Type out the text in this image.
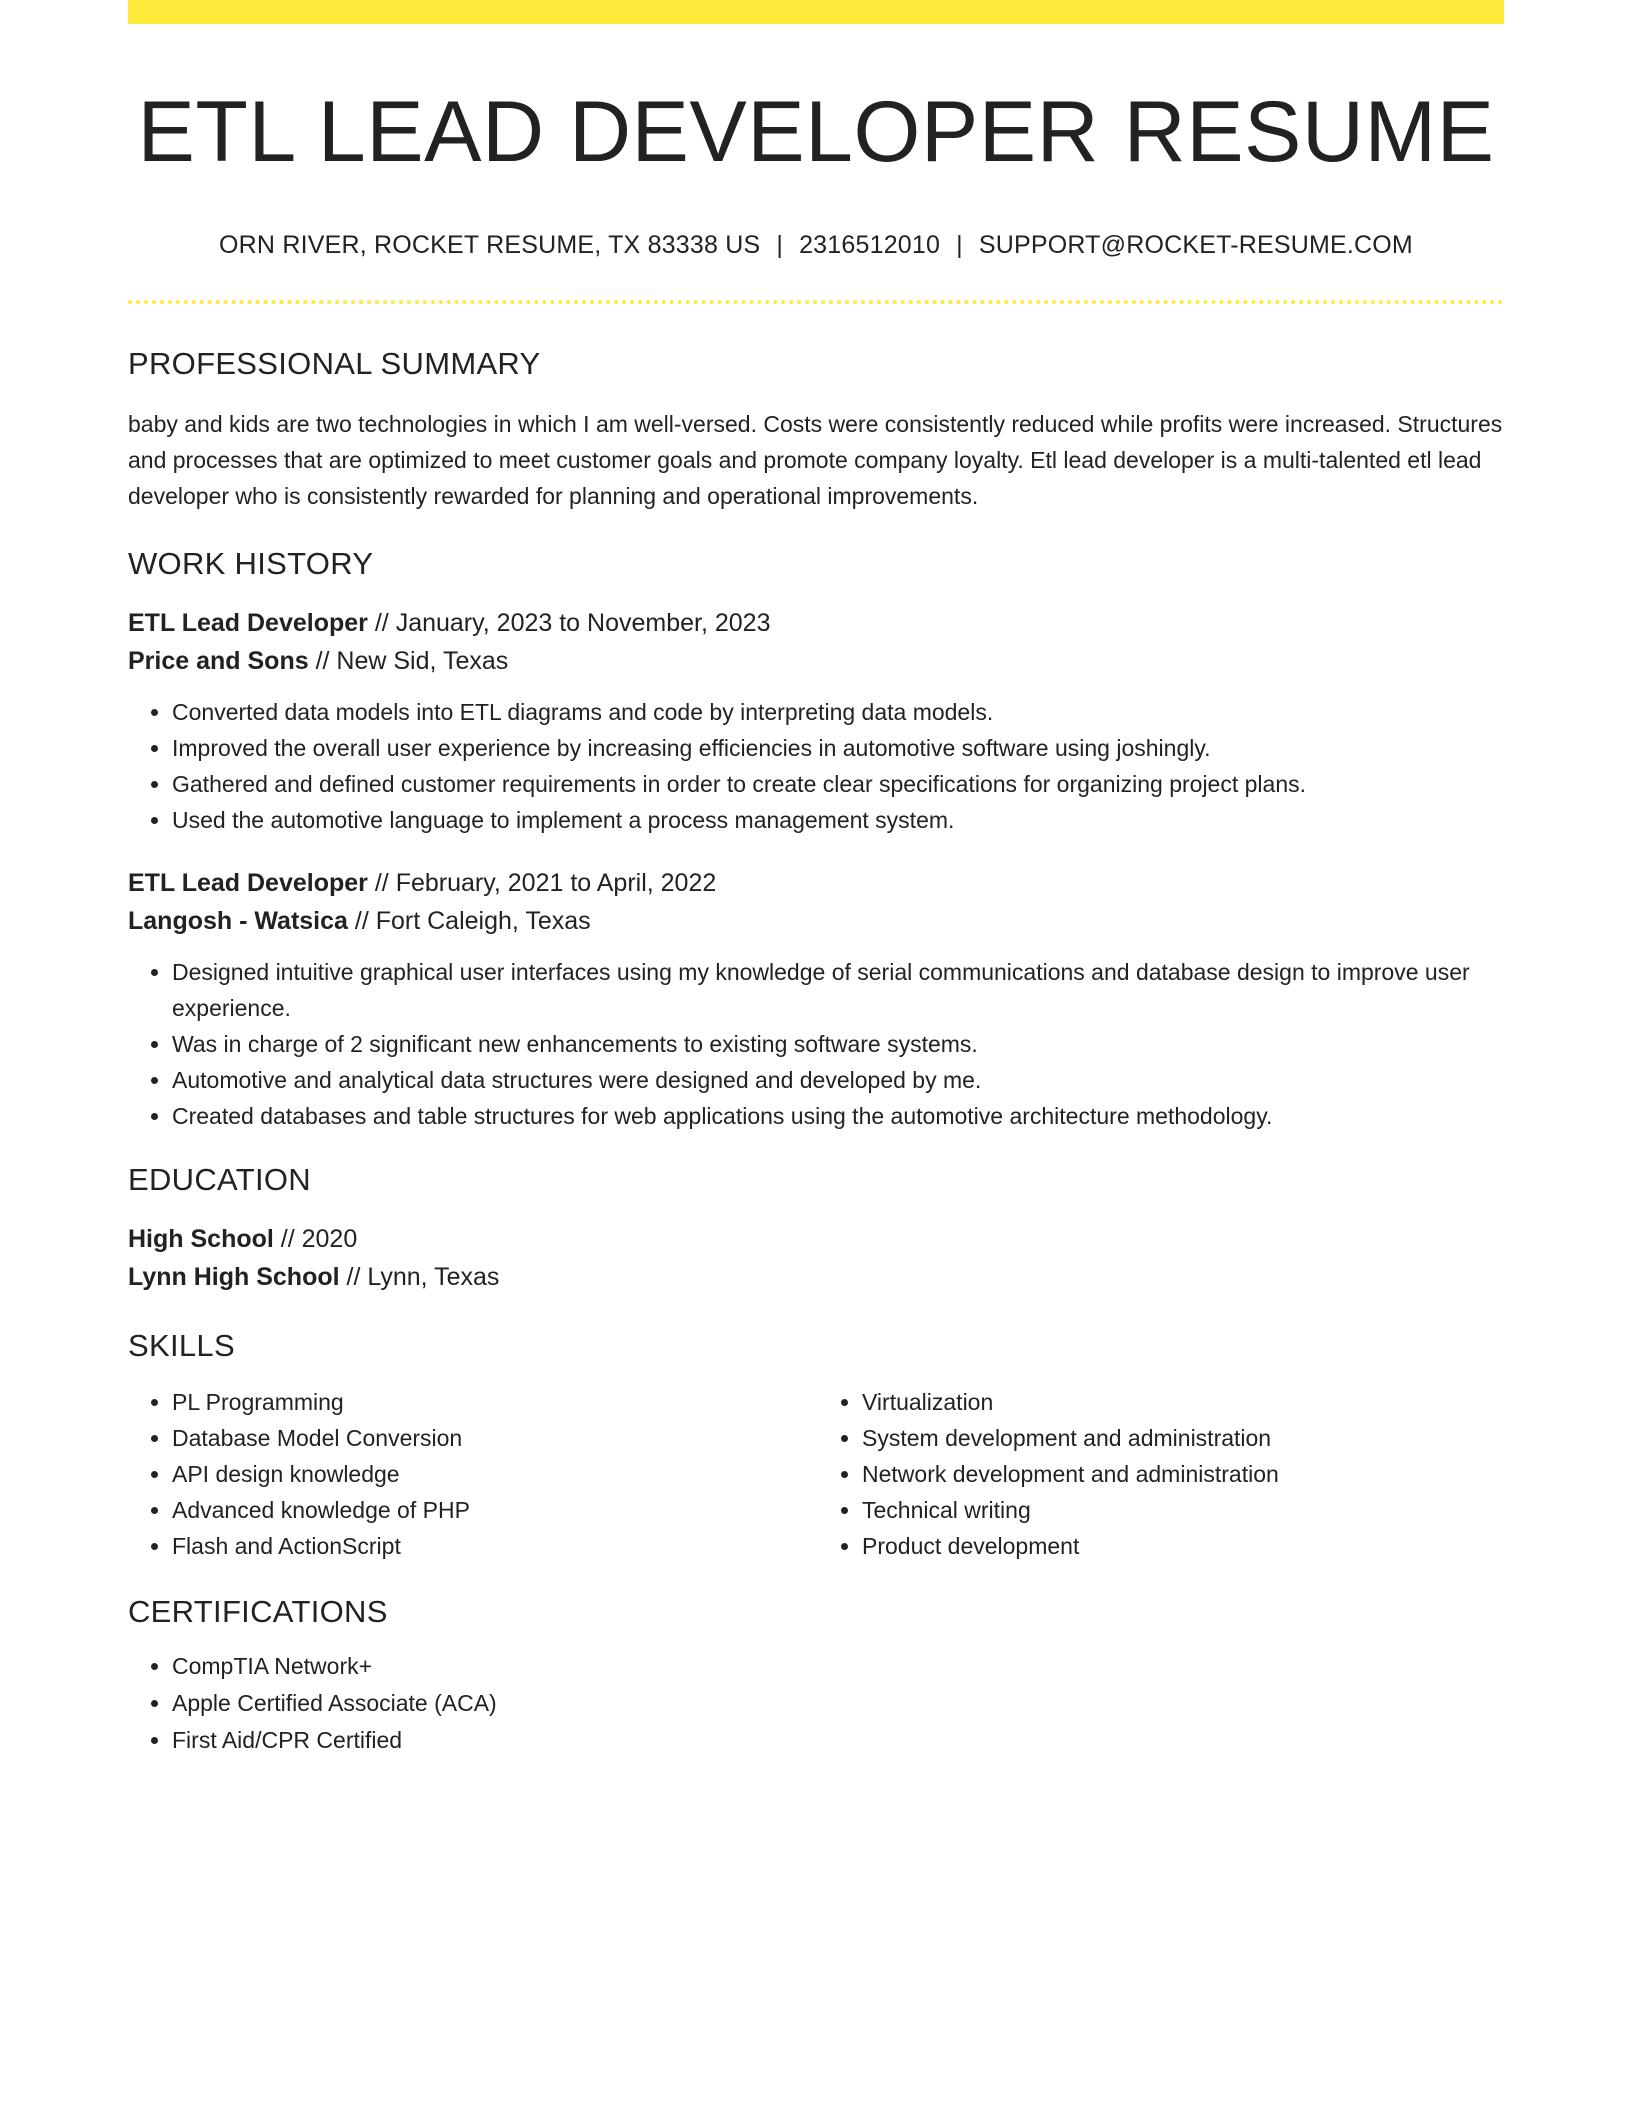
ETL LEAD DEVELOPER RESUME
ORN RIVER, ROCKET RESUME, TX 83338 US | 2316512010 | SUPPORT@ROCKET-RESUME.COM
PROFESSIONAL SUMMARY

baby and kids are two technologies in which I am well-versed. Costs were consistently reduced while profits were increased. Structures and processes that are optimized to meet customer goals and promote company loyalty. Etl lead developer is a multi-talented etl lead developer who is consistently rewarded for planning and operational improvements.

WORK HISTORY

ETL Lead Developer // January, 2023 to November, 2023

Price and Sons // New Sid, Texas

• Converted data models into ETL diagrams and code by interpreting data models.
• Improved the overall user experience by increasing efficiencies in automotive software using joshingly.
• Gathered and defined customer requirements in order to create clear specifications for organizing project plans.
• Used the automotive language to implement a process management system.

ETL Lead Developer // February, 2021 to April, 2022

Langosh - Watsica // Fort Caleigh, Texas

• Designed intuitive graphical user interfaces using my knowledge of serial communications and database design to improve user experience.
• Was in charge of 2 significant new enhancements to existing software systems.
• Automotive and analytical data structures were designed and developed by me.
• Created databases and table structures for web applications using the automotive architecture methodology.
EDUCATION

High School // 2020

Lynn High School // Lynn, Texas

SKILLS
• PL Programming
• Database Model Conversion
• API design knowledge
• Advanced knowledge of PHP
• Flash and ActionScript
• Virtualization
• System development and administration
• Network development and administration
• Technical writing
• Product development
CERTIFICATIONS
• CompTIA Network+
• Apple Certified Associate (ACA)
• First Aid/CPR Certified
